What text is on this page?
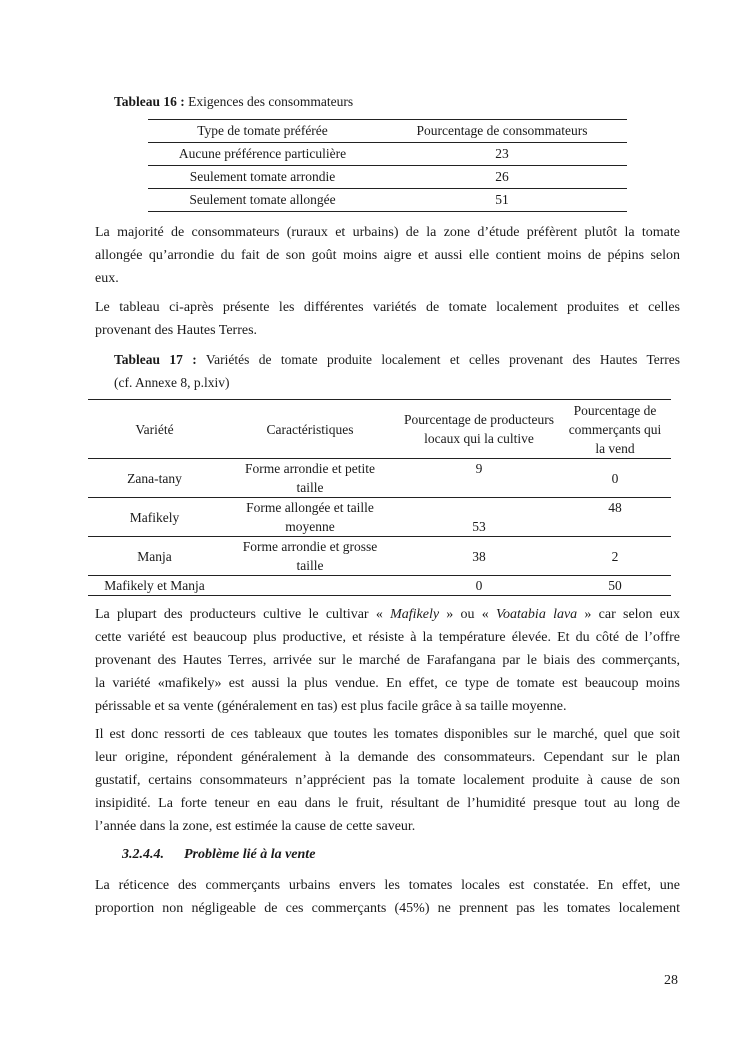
Tableau 16 : Exigences des consommateurs
Type de tomate préférée	Pourcentage de consommateurs
Aucune préférence particulière	23
Seulement tomate arrondie	26
Seulement tomate allongée	51
La majorité de consommateurs (ruraux et urbains) de la zone d’étude préfèrent plutôt la tomate
allongée qu’arrondie du fait de son goût moins aigre et aussi elle contient moins de pépins selon
eux.
Le tableau ci-après présente les différentes variétés de tomate localement produites et celles
provenant des Hautes Terres.
Tableau 17 : Variétés de tomate produite localement et celles provenant des Hautes Terres
(cf. Annexe 8, p.lxiv)
Variété	Caractéristiques	Pourcentage de producteurs locaux qui la cultive	Pourcentage de commerçants qui la vend
Zana-tany	Forme arrondie et petite taille	9	0
Mafikely	Forme allongée et taille moyenne	53	48
Manja	Forme arrondie et grosse taille	38	2
Mafikely et Manja		0	50
La plupart des producteurs cultive le cultivar « Mafikely » ou « Voatabia lava » car selon eux
cette variété est beaucoup plus productive, et résiste à la température élevée. Et du côté de l’offre
provenant des Hautes Terres, arrivée sur le marché de Farafangana par le biais des commerçants,
la variété «mafikely» est aussi la plus vendue. En effet, ce type de tomate est beaucoup moins
périssable et sa vente (généralement en tas) est plus facile grâce à sa taille moyenne.
Il est donc ressorti de ces tableaux que toutes les tomates disponibles sur le marché, quel que soit
leur origine, répondent généralement à la demande des consommateurs. Cependant sur le plan
gustatif, certains consommateurs n’apprécient pas la tomate localement produite à cause de son
insipidité. La forte teneur en eau dans le fruit, résultant de l’humidité presque tout au long de
l’année dans la zone, est estimée la cause de cette saveur.
3.2.4.4. Problème lié à la vente
La réticence des commerçants urbains envers les tomates locales est constatée. En effet, une
proportion non négligeable de ces commerçants (45%) ne prennent pas les tomates localement
28
